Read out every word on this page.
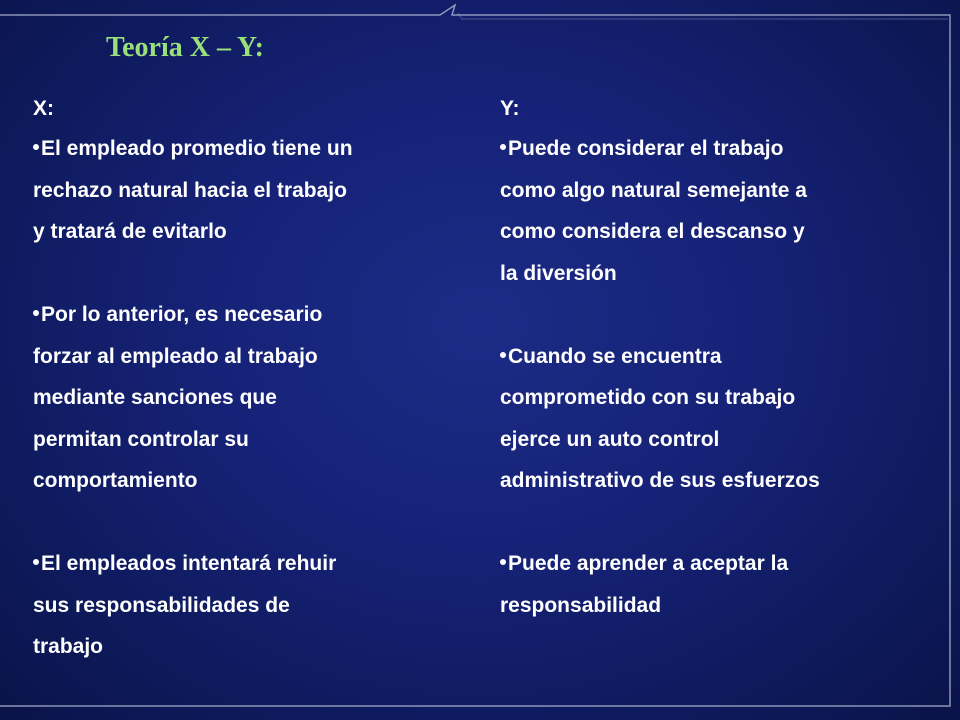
Teoría X – Y:
X:
El empleado promedio tiene un
rechazo natural hacia el trabajo
y tratará de evitarlo
Por lo anterior, es necesario
forzar al empleado al trabajo
mediante sanciones que
permitan controlar su
comportamiento
El empleados intentará rehuir
sus responsabilidades de
trabajo
Y:
Puede considerar el trabajo
como algo natural semejante a
como considera el descanso y
la diversión
Cuando se encuentra
comprometido con su trabajo
ejerce un auto control
administrativo de sus esfuerzos
Puede aprender a aceptar la
responsabilidad
